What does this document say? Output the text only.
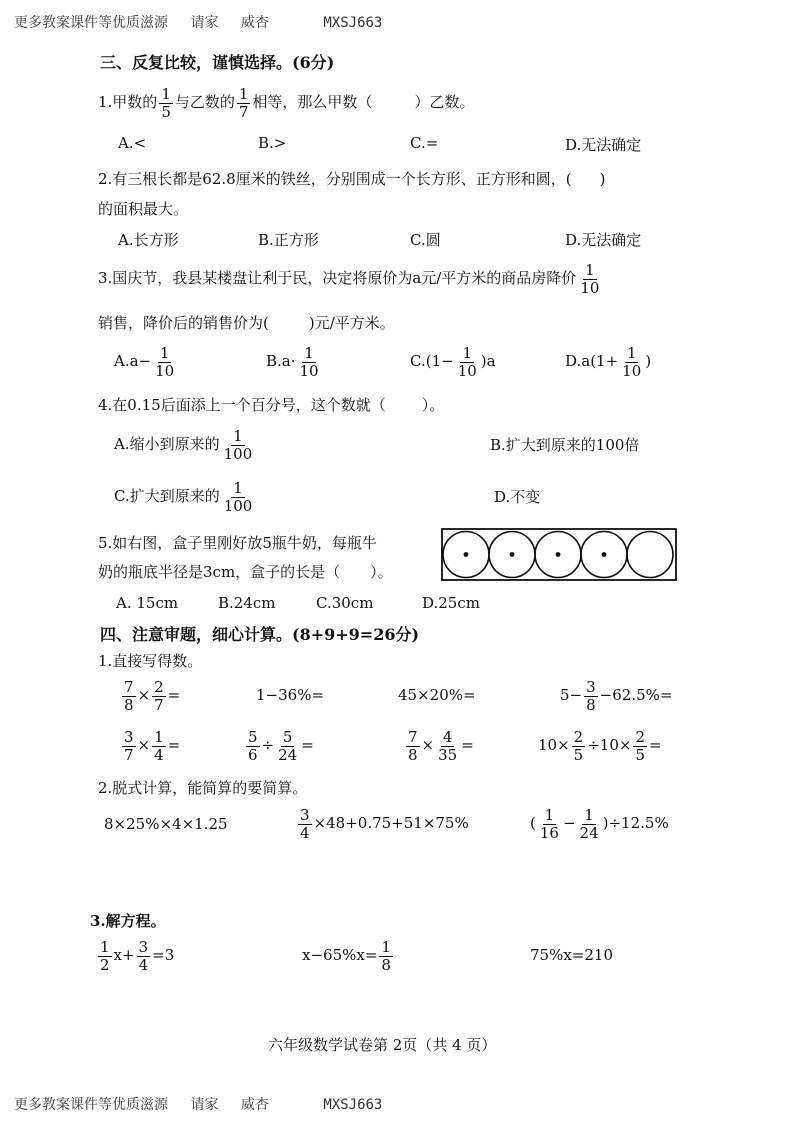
更多教案课件等优质滋源 请家 威杏	MXSJ663
三、反复比较，谨慎选择。(6分)
1.甲数的 $\frac{1}{5}$ 与乙数的 $\frac{1}{7}$ 相等，那么甲数（	）乙数。
A.<	B.>	C.=	D.无法确定
2.有三根长都是62.8厘米的铁丝，分别围成一个长方形、正方形和圆，( )
的面积最大。
A.长方形	B.正方形	C.圆	D.无法确定
3.国庆节，我县某楼盘让利于民，决定将原价为a元/平方米的商品房降价 $\frac{1}{10}$
销售，降价后的销售价为(	)元/平方米。
$A.a- \frac{1}{10}$	$B.a\cdot \frac{1}{10}$	$C.(1- \frac{1}{10} )a$	$D.a(1+ \frac{1}{10}$ )
4.在0.15后面添上一个百分号，这个数就（ ）。
A.缩小到原来的 $\frac{1}{100}$	B.扩大到原来的100倍
C.扩大到原来的 $\frac{1}{100}$	D.不变
5.如右图，盒子里刚好放5瓶牛奶，每瓶牛
奶的瓶底半径是3cm，盒子的长是（ ）。
A. 15cm	B.24cm	C.30cm	D.25cm
四、注意审题，细心计算。(8+9+9=26分)
1.直接写得数。
$\frac{7}{8} \times \frac{2}{7}$ =	1−36%=	45×20%=	$5- \frac{3}{8} -62.5\%=$
$\frac{3}{7} \times \frac{1}{4}$ =	$\frac{5}{6} \div \frac{5}{24}$ =	$\frac{7}{8} \times \frac{4}{35}$ =	$10\times \frac{2}{5} \div 10\times \frac{2}{5}$ =
2.脱式计算，能简算的要简算。
8×25%×4×1.25	$\frac{3}{4} \times 48+0.75+51\times 75\%$	( $\frac{1}{16} - \frac{1}{24} )\div 12.5\%$
3.解方程。
$\frac{1}{2} x+ \frac{3}{4} =3$	$x-65\%x= \frac{1}{8}$	75%x=210
六年级数学试卷第 2页（共 4 页）
更多教案课件等优质滋源 请家 威杏	MXSJ663
